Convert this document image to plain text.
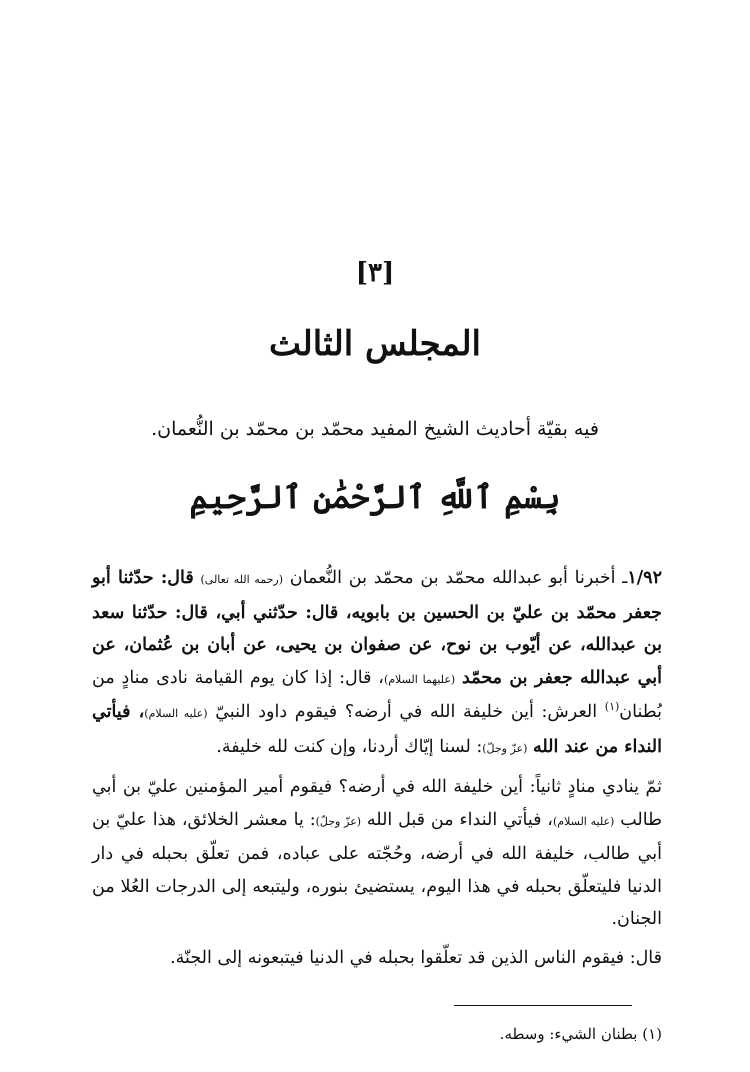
[٣]
المجلس الثالث
فيه بقيّة أحاديث الشيخ المفيد محمّد بن محمّد بن النُّعمان.
بِسْمِ ٱللَّهِ ٱلرَّحْمَٰنِ ٱلرَّحِيمِ

١/٩٢ـ أخبرنا أبو عبدالله محمّد بن محمّد بن النُّعمان (رحمه الله تعالى) قال: حدّثنا أبو جعفر محمّد بن عليّ بن الحسين بن بابويه، قال: حدّثني أبي، قال: حدّثنا سعد بن عبدالله، عن أيّوب بن نوح، عن صفوان بن يحيى، عن أبان بن عُثمان، عن أبي عبدالله جعفر بن محمّد (عليهما السلام)، قال: إذا كان يوم القيامة نادى منادٍ من بُطنان$^{(١)}$ العرش: أين خليفة الله في أرضه؟ فيقوم داود النبيّ (عليه السلام)، فيأتي النداء من عند الله (عزّ وجلّ): لسنا إيّاك أردنا، وإن كنت لله خليفة.

ثمّ ينادي منادٍ ثانياً: أين خليفة الله في أرضه؟ فيقوم أمير المؤمنين عليّ بن أبي طالب (عليه السلام)، فيأتي النداء من قبل الله (عزّ وجلّ): يا معشر الخلائق، هذا عليّ بن أبي طالب، خليفة الله في أرضه، وحُجّته على عباده، فمن تعلّق بحبله في دار الدنيا فليتعلّق بحبله في هذا اليوم، يستضيئ بنوره، وليتبعه إلى الدرجات العُلا من الجنان.

قال: فيقوم الناس الذين قد تعلّقوا بحبله في الدنيا فيتبعونه إلى الجنّة.

(١) بطنان الشيء: وسطه.
